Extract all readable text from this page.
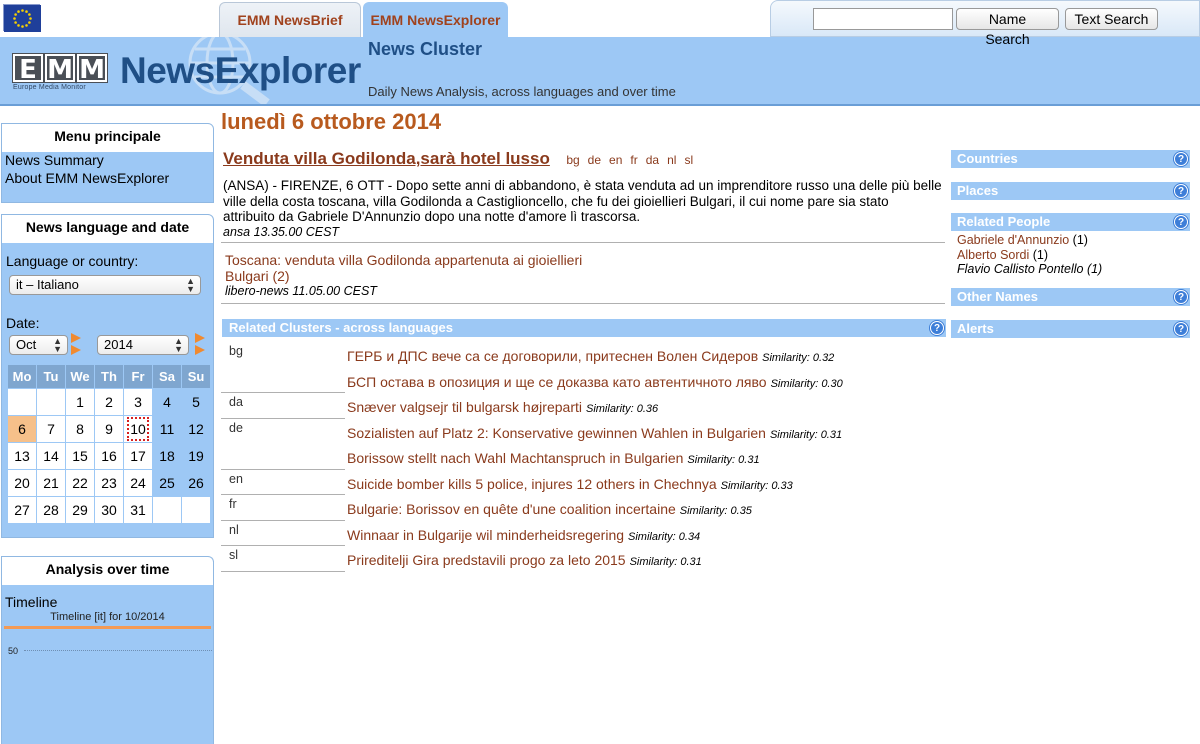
EMM NewsBrief	EMM NewsExplorer	Name Search
Text Search
E M M
Europe Media Monitor NewsExplorer
News Cluster
Daily News Analysis, across languages and over time
Menu principale
News Summary
About EMM NewsExplorer
News language and date
Language or country:
it – Italiano	▲
▼
Date:
Oct ▲
▼	2014	▲
▼
Mo	Tu	We	Th	Fr	Sa	Su
		1	2	3	4	5
6	7	8	9	10	11	12
13	14	15	16	17	18	19
20	21	22	23	24	25	26
27	28	29	30	31		
Analysis over time
Timeline
Timeline [it] for 10/2014
50
lunedì 6 ottobre 2014
Venduta villa Godilonda,sarà hotel lusso bg de en fr da nl sl
(ANSA) - FIRENZE, 6 OTT - Dopo sette anni di abbandono, è stata venduta ad un imprenditore russo una delle più belle ville della costa toscana, villa Godilonda a Castiglioncello, che fu dei gioiellieri Bulgari, il cui nome pare sia stato attribuito da Gabriele D'Annunzio dopo una notte d'amore lì trascorsa.
ansa 13.35.00 CEST
Toscana: venduta villa Godilonda appartenuta ai gioiellieri Bulgari (2)
libero-news 11.05.00 CEST
Related Clusters - across languages	?
bg	ГЕРБ и ДПС вече са се договорили, притеснен Волен Сидеров Similarity: 0.32
БСП остава в опозиция и ще се доказва като автентичното ляво Similarity: 0.30
da	Snæver valgsejr til bulgarsk højreparti Similarity: 0.36
de	Sozialisten auf Platz 2: Konservative gewinnen Wahlen in Bulgarien Similarity: 0.31
Borissow stellt nach Wahl Machtanspruch in Bulgarien Similarity: 0.31
en	Suicide bomber kills 5 police, injures 12 others in Chechnya Similarity: 0.33
fr	Bulgarie: Borissov en quête d'une coalition incertaine Similarity: 0.35
nl	Winnaar in Bulgarije wil minderheidsregering Similarity: 0.34
sl	Prireditelji Gira predstavili progo za leto 2015 Similarity: 0.31
Countries	?
Places	?
Related People	?
Gabriele d'Annunzio (1)
Alberto Sordi (1)
Flavio Callisto Pontello (1)
Other Names	?
Alerts	?
